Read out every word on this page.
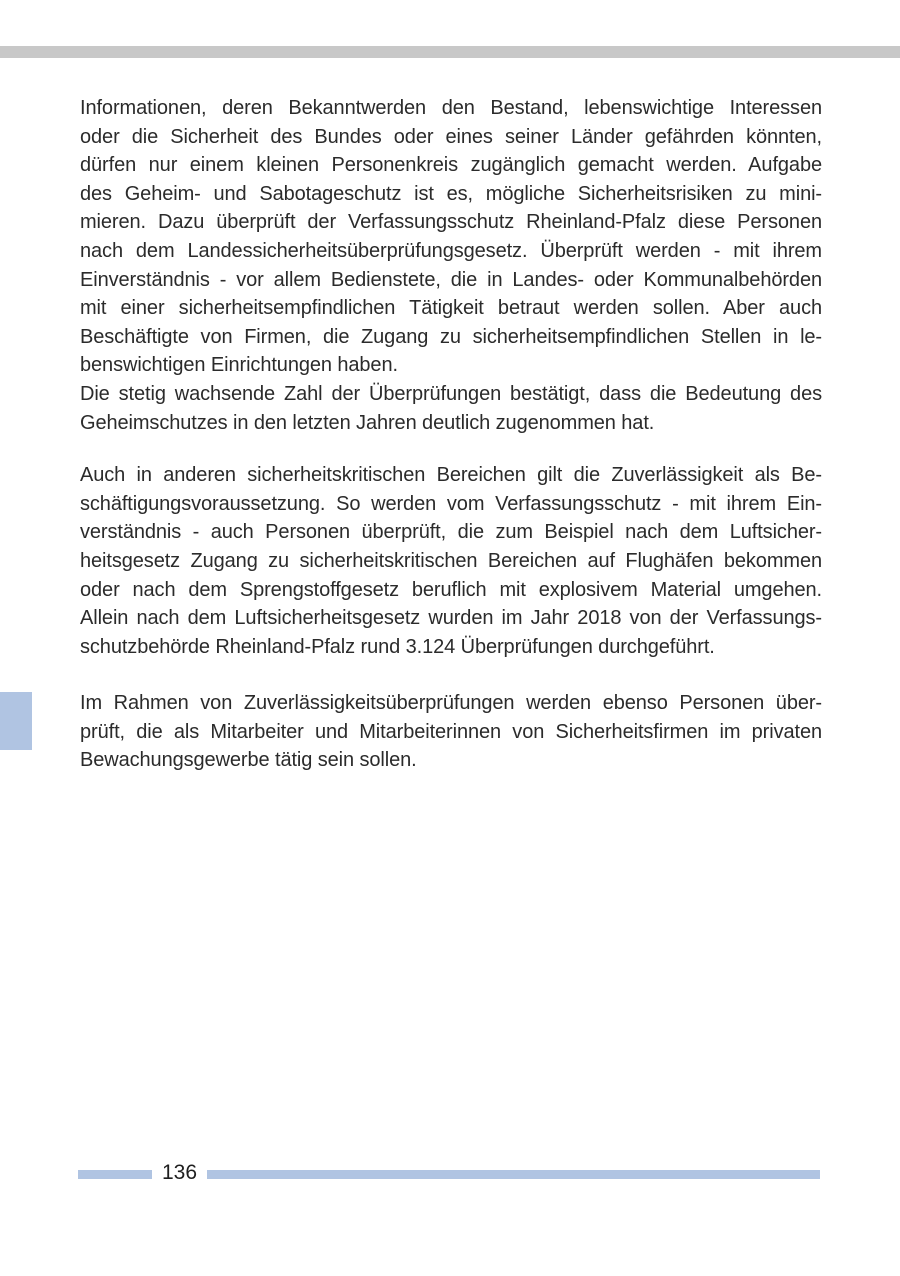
Informationen, deren Bekanntwerden den Bestand, lebenswichtige Interessen
oder die Sicherheit des Bundes oder eines seiner Länder gefährden könnten,
dürfen nur einem kleinen Personenkreis zugänglich gemacht werden. Aufgabe
des Geheim- und Sabotageschutz ist es, mögliche Sicherheitsrisiken zu mini-
mieren. Dazu überprüft der Verfassungsschutz Rheinland-Pfalz diese Personen
nach dem Landessicherheitsüberprüfungsgesetz. Überprüft werden - mit ihrem
Einverständnis - vor allem Bedienstete, die in Landes- oder Kommunalbehörden
mit einer sicherheitsempfindlichen Tätigkeit betraut werden sollen. Aber auch
Beschäftigte von Firmen, die Zugang zu sicherheitsempfindlichen Stellen in le-
benswichtigen Einrichtungen haben.
Die stetig wachsende Zahl der Überprüfungen bestätigt, dass die Bedeutung des
Geheimschutzes in den letzten Jahren deutlich zugenommen hat.
Auch in anderen sicherheitskritischen Bereichen gilt die Zuverlässigkeit als Be-
schäftigungsvoraussetzung. So werden vom Verfassungsschutz - mit ihrem Ein-
verständnis - auch Personen überprüft, die zum Beispiel nach dem Luftsicher-
heitsgesetz Zugang zu sicherheitskritischen Bereichen auf Flughäfen bekommen
oder nach dem Sprengstoffgesetz beruflich mit explosivem Material umgehen.
Allein nach dem Luftsicherheitsgesetz wurden im Jahr 2018 von der Verfassungs-
schutzbehörde Rheinland-Pfalz rund 3.124 Überprüfungen durchgeführt.
Im Rahmen von Zuverlässigkeitsüberprüfungen werden ebenso Personen über-
prüft, die als Mitarbeiter und Mitarbeiterinnen von Sicherheitsfirmen im privaten
Bewachungsgewerbe tätig sein sollen.
136
